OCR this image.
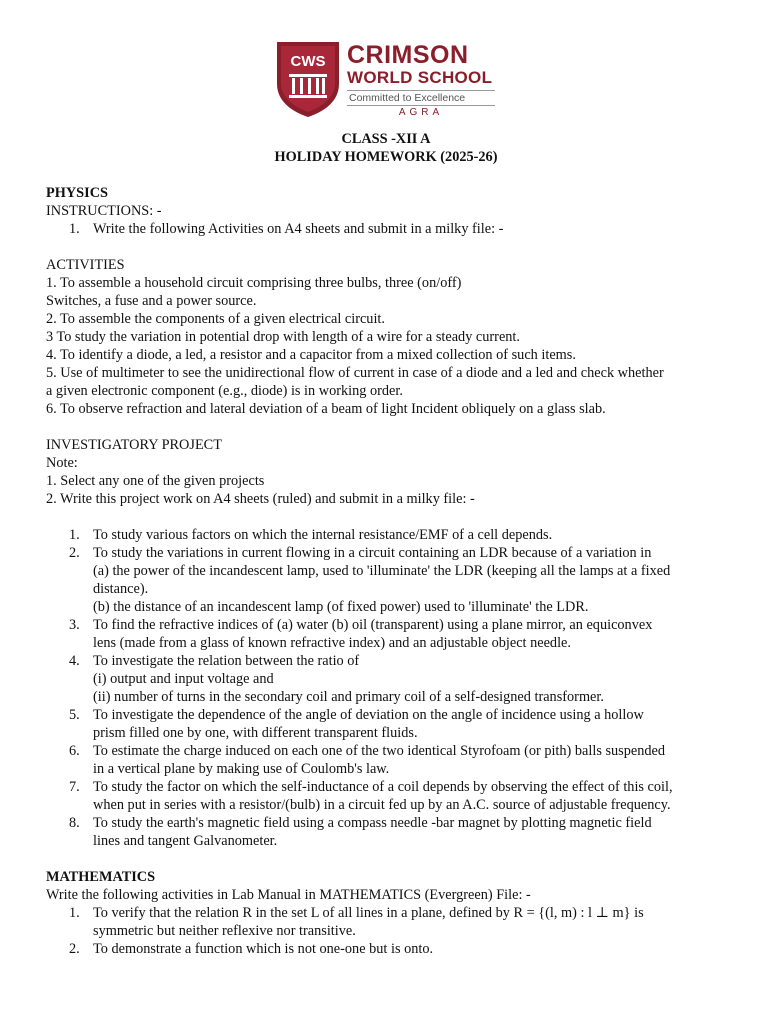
CWS CRIMSON
WORLD SCHOOL
Committed to Excellence
AGRA
CLASS -XII A
HOLIDAY HOMEWORK (2025-26)
PHYSICS
INSTRUCTIONS: -
1. Write the following Activities on A4 sheets and submit in a milky file: -
ACTIVITIES
1. To assemble a household circuit comprising three bulbs, three (on/off)
Switches, a fuse and a power source.
2. To assemble the components of a given electrical circuit.
3 To study the variation in potential drop with length of a wire for a steady current.
4. To identify a diode, a led, a resistor and a capacitor from a mixed collection of such items.
5. Use of multimeter to see the unidirectional flow of current in case of a diode and a led and check whether
a given electronic component (e.g., diode) is in working order.
6. To observe refraction and lateral deviation of a beam of light Incident obliquely on a glass slab.
INVESTIGATORY PROJECT
Note:
1. Select any one of the given projects
2. Write this project work on A4 sheets (ruled) and submit in a milky file: -
1. To study various factors on which the internal resistance/EMF of a cell depends.
2. To study the variations in current flowing in a circuit containing an LDR because of a variation in
(a) the power of the incandescent lamp, used to 'illuminate' the LDR (keeping all the lamps at a fixed
distance).
(b) the distance of an incandescent lamp (of fixed power) used to 'illuminate' the LDR.
3. To find the refractive indices of (a) water (b) oil (transparent) using a plane mirror, an equiconvex
lens (made from a glass of known refractive index) and an adjustable object needle.
4. To investigate the relation between the ratio of
(i) output and input voltage and
(ii) number of turns in the secondary coil and primary coil of a self-designed transformer.
5. To investigate the dependence of the angle of deviation on the angle of incidence using a hollow
prism filled one by one, with different transparent fluids.
6. To estimate the charge induced on each one of the two identical Styrofoam (or pith) balls suspended
in a vertical plane by making use of Coulomb's law.
7. To study the factor on which the self-inductance of a coil depends by observing the effect of this coil,
when put in series with a resistor/(bulb) in a circuit fed up by an A.C. source of adjustable frequency.
8. To study the earth's magnetic field using a compass needle -bar magnet by plotting magnetic field
lines and tangent Galvanometer.
MATHEMATICS
Write the following activities in Lab Manual in MATHEMATICS (Evergreen) File: -
1. To verify that the relation R in the set L of all lines in a plane, defined by R = {(l, m) : l ⊥ m} is
symmetric but neither reflexive nor transitive.
2. To demonstrate a function which is not one-one but is onto.
